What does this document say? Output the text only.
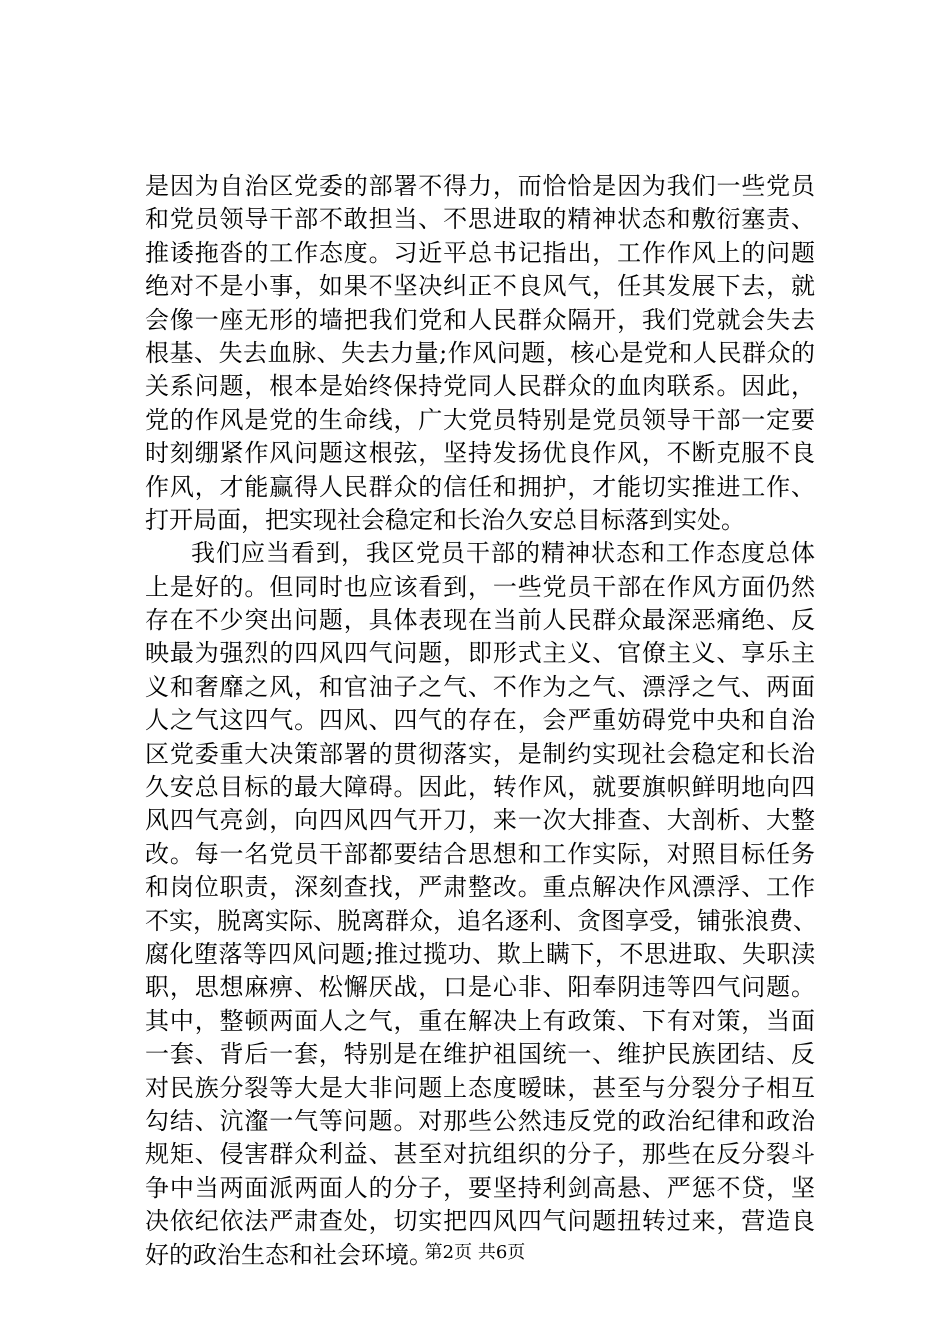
是因为自治区党委的部署不得力，而恰恰是因为我们一些党员
和党员领导干部不敢担当、不思进取的精神状态和敷衍塞责、
推诿拖沓的工作态度。习近平总书记指出，工作作风上的问题
绝对不是小事，如果不坚决纠正不良风气，任其发展下去，就
会像一座无形的墙把我们党和人民群众隔开，我们党就会失去
根基、失去血脉、失去力量;作风问题，核心是党和人民群众的
关系问题，根本是始终保持党同人民群众的血肉联系。因此，
党的作风是党的生命线，广大党员特别是党员领导干部一定要
时刻绷紧作风问题这根弦，坚持发扬优良作风，不断克服不良
作风，才能赢得人民群众的信任和拥护，才能切实推进工作、
打开局面，把实现社会稳定和长治久安总目标落到实处。
我们应当看到，我区党员干部的精神状态和工作态度总体
上是好的。但同时也应该看到，一些党员干部在作风方面仍然
存在不少突出问题，具体表现在当前人民群众最深恶痛绝、反
映最为强烈的四风四气问题，即形式主义、官僚主义、享乐主
义和奢靡之风，和官油子之气、不作为之气、漂浮之气、两面
人之气这四气。四风、四气的存在，会严重妨碍党中央和自治
区党委重大决策部署的贯彻落实，是制约实现社会稳定和长治
久安总目标的最大障碍。因此，转作风，就要旗帜鲜明地向四
风四气亮剑，向四风四气开刀，来一次大排查、大剖析、大整
改。每一名党员干部都要结合思想和工作实际，对照目标任务
和岗位职责，深刻查找，严肃整改。重点解决作风漂浮、工作
不实，脱离实际、脱离群众，追名逐利、贪图享受，铺张浪费、
腐化堕落等四风问题;推过揽功、欺上瞒下，不思进取、失职渎
职，思想麻痹、松懈厌战，口是心非、阳奉阴违等四气问题。
其中，整顿两面人之气，重在解决上有政策、下有对策，当面
一套、背后一套，特别是在维护祖国统一、维护民族团结、反
对民族分裂等大是大非问题上态度暧昧，甚至与分裂分子相互
勾结、沆瀣一气等问题。对那些公然违反党的政治纪律和政治
规矩、侵害群众利益、甚至对抗组织的分子，那些在反分裂斗
争中当两面派两面人的分子，要坚持利剑高悬、严惩不贷，坚
决依纪依法严肃查处，切实把四风四气问题扭转过来，营造良
好的政治生态和社会环境。
第2页 共6页
